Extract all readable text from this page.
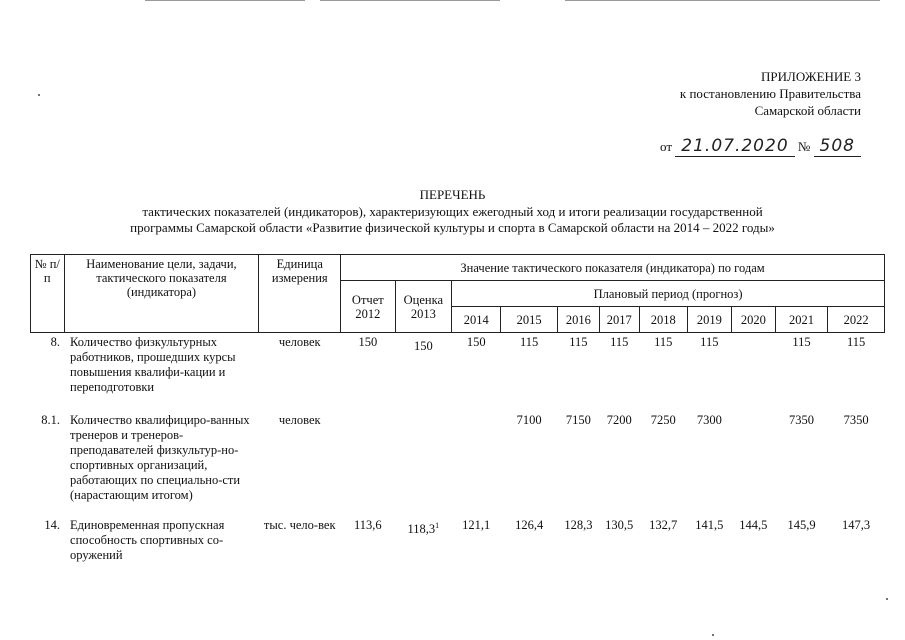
ПРИЛОЖЕНИЕ 3
к постановлению Правительства
Самарской области
от 21.07.2020 № 508
ПЕРЕЧЕНЬ
тактических показателей (индикаторов), характеризующих ежегодный ход и итоги реализации государственной
программы Самарской области «Развитие физической культуры и спорта в Самарской области на 2014 – 2022 годы»
№ п/п	Наименование цели, задачи, тактического показателя (индикатора)	Единица измерения	Значение тактического показателя (индикатора) по годам										
			Отчет 2012	Оценка 2013	Плановый период (прогноз)								
					2014	2015	2016	2017	2018	2019	2020	2021	2022
8.	Количество физкультурных работников, прошедших курсы повышения квалифи-кации и переподготовки	человек	150	150	150	115	115	115	115	115		115	115
8.1.	Количество квалифициро-ванных тренеров и тренеров-преподавателей физкультур-но-спортивных организаций, работающих по специально-сти (нарастающим итогом)	человек				7100	7150	7200	7250	7300		7350	7350
14.	Единовременная пропускная способность спортивных со-оружений	тыс. чело-век	113,6	118,3$^1$	121,1	126,4	128,3	130,5	132,7	141,5	144,5	145,9	147,3
